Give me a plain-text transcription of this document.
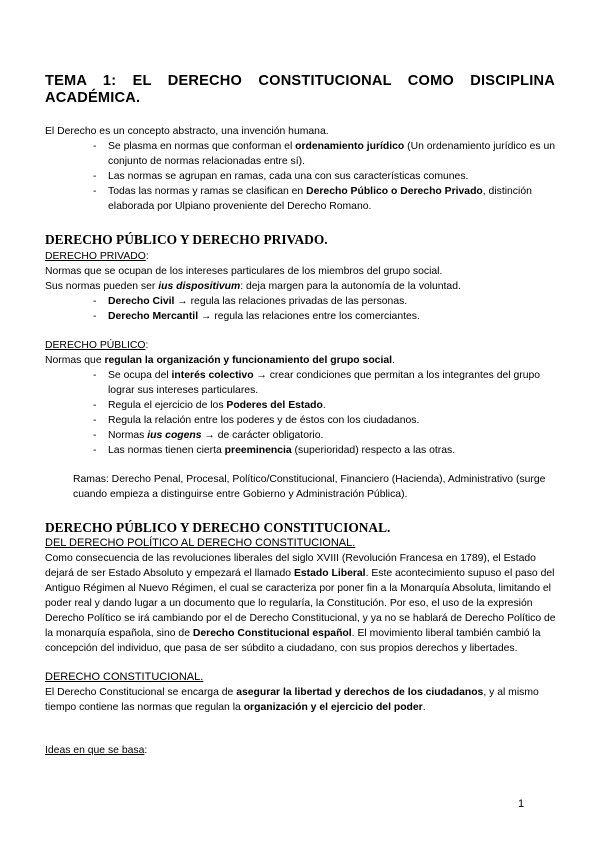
TEMA 1: EL DERECHO CONSTITUCIONAL COMO DISCIPLINA
ACADÉMICA.
El Derecho es un concepto abstracto, una invención humana.
- Se plasma en normas que conforman el ordenamiento jurídico (Un ordenamiento jurídico es un conjunto de normas relacionadas entre sí).
- Las normas se agrupan en ramas, cada una con sus características comunes.
- Todas las normas y ramas se clasifican en Derecho Público o Derecho Privado, distinción elaborada por Ulpiano proveniente del Derecho Romano.
DERECHO PÚBLICO Y DERECHO PRIVADO.
DERECHO PRIVADO:
Normas que se ocupan de los intereses particulares de los miembros del grupo social.
Sus normas pueden ser ius dispositivum: deja margen para la autonomía de la voluntad.
- Derecho Civil → regula las relaciones privadas de las personas.
- Derecho Mercantil → regula las relaciones entre los comerciantes.
DERECHO PÚBLICO:
Normas que regulan la organización y funcionamiento del grupo social.
- Se ocupa del interés colectivo → crear condiciones que permitan a los integrantes del grupo lograr sus intereses particulares.
- Regula el ejercicio de los Poderes del Estado.
- Regula la relación entre los poderes y de éstos con los ciudadanos.
- Normas ius cogens → de carácter obligatorio.
- Las normas tienen cierta preeminencia (superioridad) respecto a las otras.
Ramas: Derecho Penal, Procesal, Político/Constitucional, Financiero (Hacienda), Administrativo (surge cuando empieza a distinguirse entre Gobierno y Administración Pública).
DERECHO PÚBLICO Y DERECHO CONSTITUCIONAL.
DEL DERECHO POLÍTICO AL DERECHO CONSTITUCIONAL.
Como consecuencia de las revoluciones liberales del siglo XVIII (Revolución Francesa en 1789), el Estado dejará de ser Estado Absoluto y empezará el llamado Estado Liberal. Este acontecimiento supuso el paso del Antiguo Régimen al Nuevo Régimen, el cual se caracteriza por poner fin a la Monarquía Absoluta, limitando el poder real y dando lugar a un documento que lo regularía, la Constitución. Por eso, el uso de la expresión Derecho Político se irá cambiando por el de Derecho Constitucional, y ya no se hablará de Derecho Político de la monarquía española, sino de Derecho Constitucional español. El movimiento liberal también cambió la concepción del individuo, que pasa de ser súbdito a ciudadano, con sus propios derechos y libertades.
DERECHO CONSTITUCIONAL.
El Derecho Constitucional se encarga de asegurar la libertad y derechos de los ciudadanos, y al mismo tiempo contiene las normas que regulan la organización y el ejercicio del poder.
Ideas en que se basa:
1
